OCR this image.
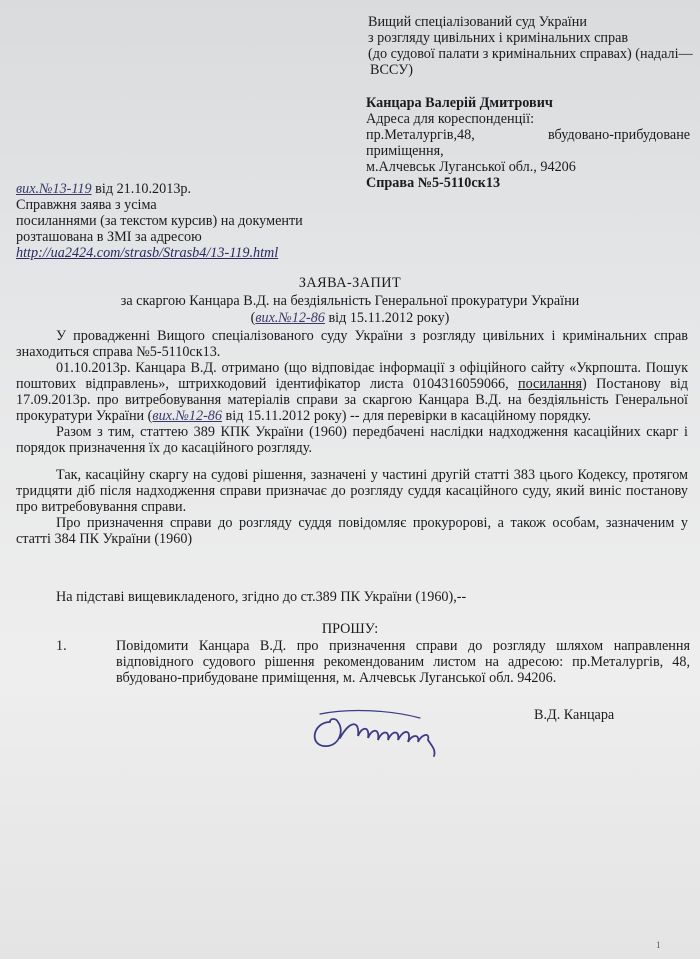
Вищий спеціалізований суд України
з розгляду цивільних і кримінальних справ
(до судової палати з кримінальних справах) (надалі—
ВССУ)
Канцара Валерій Дмитрович
Адреса для кореспонденції:
пр.Металургів,48,	вбудовано-прибудоване
приміщення,
м.Алчевськ Луганської обл., 94206
Справа №5-5110ск13
вих.№13-119 від 21.10.2013р.
Справжня заява з усіма
посиланнями (за текстом курсив) на документи
розташована в ЗМІ за адресою
http://ua2424.com/strasb/Strasb4/13-119.html
ЗАЯВА-ЗАПИТ
за скаргою Канцара В.Д. на бездіяльність Генеральної прокуратури України
(вих.№12-86 від 15.11.2012 року)
У провадженні Вищого спеціалізованого суду України з розгляду цивільних і кримінальних справ знаходиться справа №5-5110ск13.
01.10.2013р. Канцара В.Д. отримано (що відповідає інформації з офіційного сайту «Укрпошта. Пошук поштових відправлень», штрихкодовий ідентифікатор листа 0104316059066, посилання) Постанову від 17.09.2013р. про витребовування матеріалів справи за скаргою Канцара В.Д. на бездіяльність Генеральної прокуратури України (вих.№12-86 від 15.11.2012 року) -- для перевірки в касаційному порядку.
Разом з тим, статтею 389 КПК України (1960) передбачені наслідки надходження касаційних скарг і порядок призначення їх до касаційного розгляду.
Так, касаційну скаргу на судові рішення, зазначені у частині другій статті 383 цього Кодексу, протягом тридцяти діб після надходження справи призначає до розгляду суддя касаційного суду, який виніс постанову про витребовування справи.
Про призначення справи до розгляду суддя повідомляє прокуророві, а також особам, зазначеним у статті 384 ПК України (1960)
На підставі вищевикладеного, згідно до ст.389 ПК України (1960),--
ПРОШУ:
1.	Повідомити Канцара В.Д. про призначення справи до розгляду шляхом направлення відповідного судового рішення рекомендованим листом на адресою: пр.Металургів, 48, вбудовано-прибудоване приміщення, м. Алчевськ Луганської обл. 94206.
В.Д. Канцара
1
